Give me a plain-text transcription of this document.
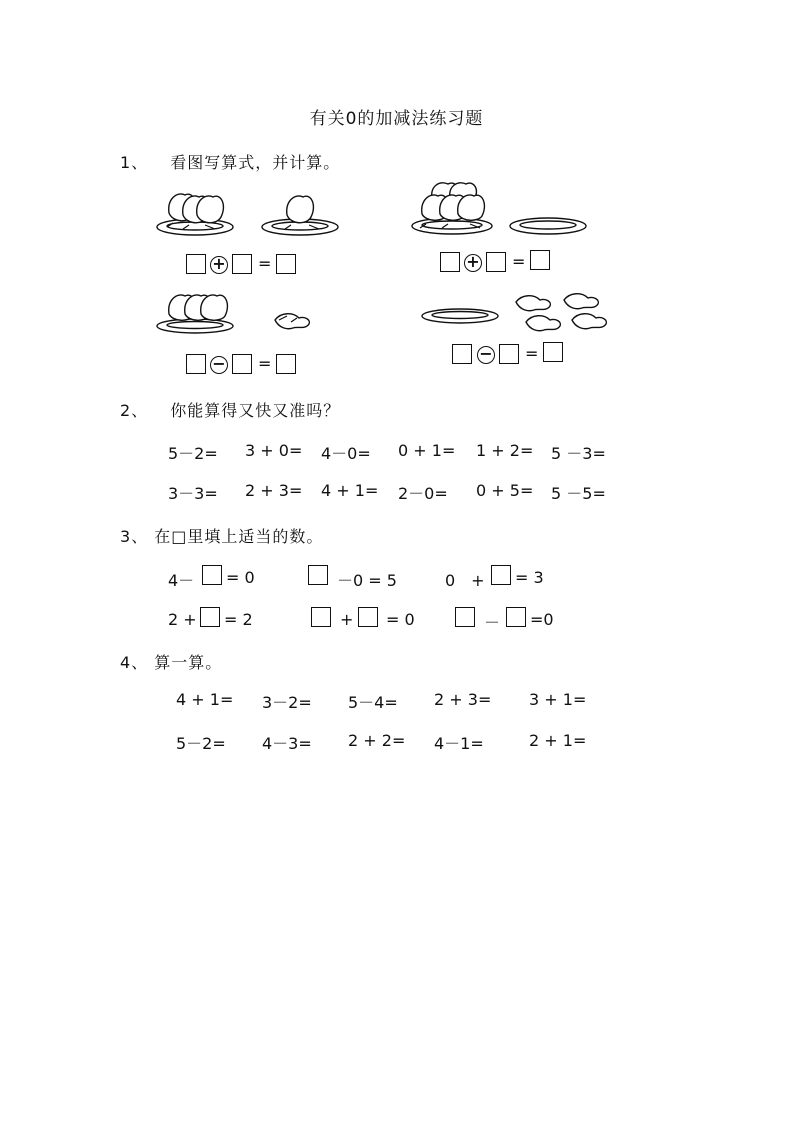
有关0的加减法练习题
1、 看图写算式，并计算。
+ =	+ =
− =
− =
2、 你能算得又快又准吗？
5－2= 3 + 0= 4－0= 0 + 1= 1 + 2= 5 －3=
3－3= 2 + 3= 4 + 1= 2－0= 0 + 5= 5 －5=
3、 在□里填上适当的数。
4－ = 0	－0 = 5	0　+ = 3
2 + = 2	+ = 0	－ =0
4、 算一算。
4 + 1= 3－2= 5－4= 2 + 3= 3 + 1=
5－2= 4－3= 2 + 2= 4－1=	2 + 1=
